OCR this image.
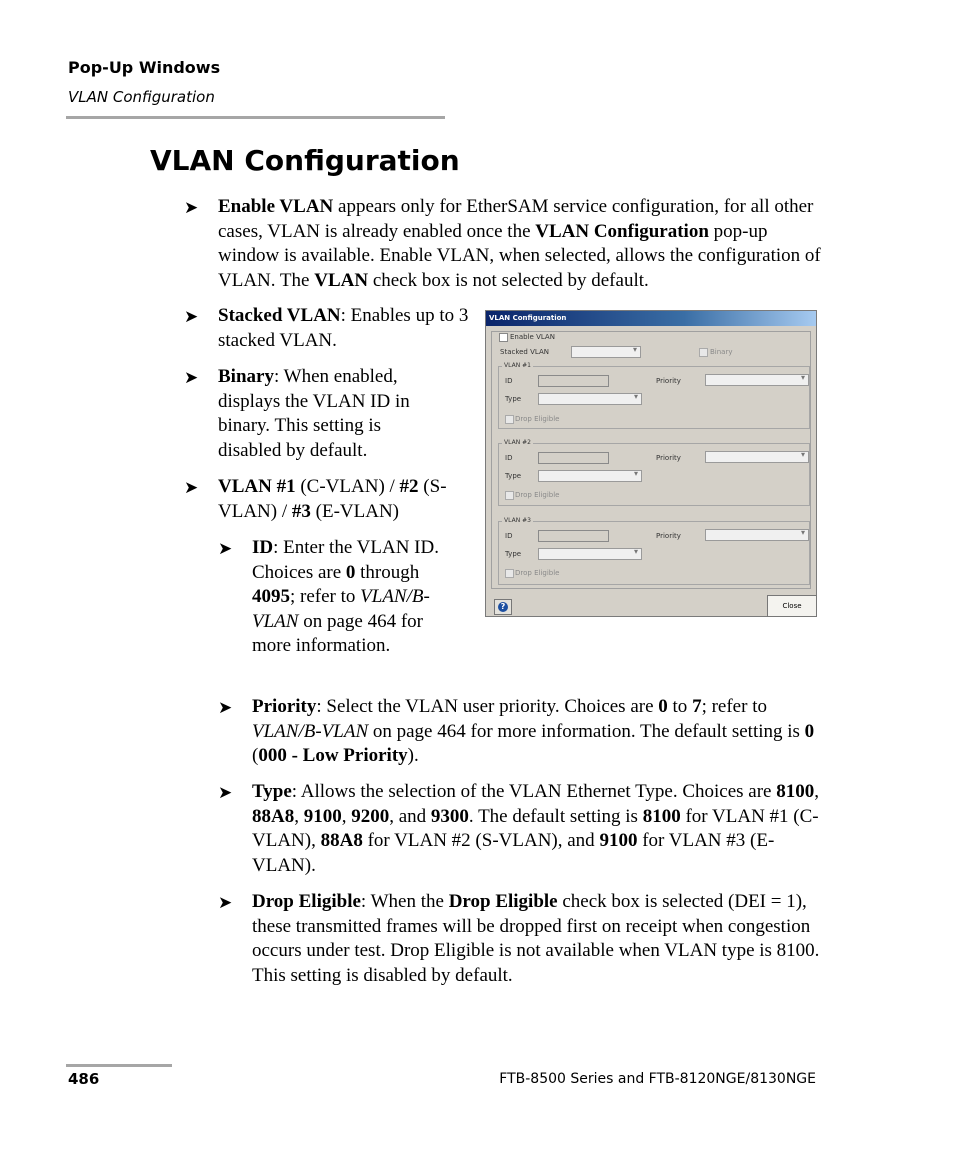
Pop-Up Windows
VLAN Configuration
VLAN Configuration
➤ Enable VLAN appears only for EtherSAM service configuration, for all other cases, VLAN is already enabled once the VLAN Configuration pop-up window is available. Enable VLAN, when selected, allows the configuration of VLAN. The VLAN check box is not selected by default.
➤ Stacked VLAN: Enables up to 3 stacked VLAN.
➤ Binary: When enabled, displays the VLAN ID in binary. This setting is disabled by default.
➤ VLAN #1 (C-VLAN) / #2 (S-VLAN) / #3 (E-VLAN)
➤ ID: Enter the VLAN ID. Choices are 0 through 4095; refer to VLAN/B-VLAN on page 464 for more information.
➤ Priority: Select the VLAN user priority. Choices are 0 to 7; refer to VLAN/B-VLAN on page 464 for more information. The default setting is 0 (000 - Low Priority).
➤ Type: Allows the selection of the VLAN Ethernet Type. Choices are 8100, 88A8, 9100, 9200, and 9300. The default setting is 8100 for VLAN #1 (C-VLAN), 88A8 for VLAN #2 (S-VLAN), and 9100 for VLAN #3 (E-VLAN).
➤ Drop Eligible: When the Drop Eligible check box is selected (DEI = 1), these transmitted frames will be dropped first on receipt when congestion occurs under test. Drop Eligible is not available when VLAN type is 8100. This setting is disabled by default.
VLAN Configuration
Enable VLAN
Stacked VLAN
▾	Binary
VLAN #1
ID	Priority
▾
Type
▾
Drop Eligible
VLAN #2
ID	Priority
▾
Type
▾
Drop Eligible
VLAN #3
ID	Priority
▾
Type
▾
Drop Eligible
?	Close
486	FTB-8500 Series and FTB-8120NGE/8130NGE
